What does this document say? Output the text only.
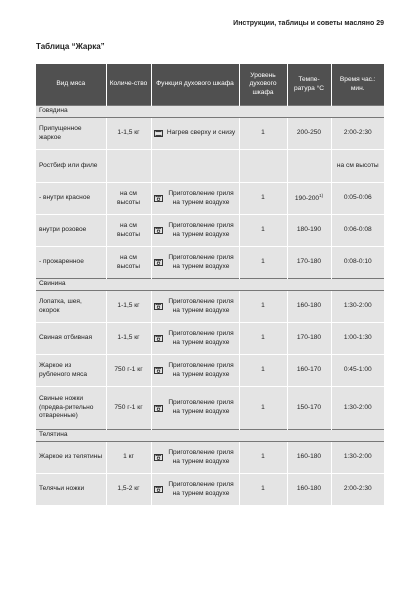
Инструкции, таблицы и советы масляно 29
Таблица “Жарка”
Вид мяса	Количе-ство	Функция духового шкафа	Уровень духового шкафа	Темпе-ратура °С	Время час.: мин.
Говядина					
Припущенное жаркое	1-1,5 кг	Нагрев сверху и снизу	1	200-250	2:00-2:30
Ростбиф или филе					на см высоты
- внутри красное	на см высоты	Приготовление гриля на турнем воздухе	1	190-200$^{1)}$	0:05-0:06
внутри розовое	на см высоты	Приготовление гриля на турнем воздухе	1	180-190	0:06-0:08
- прожаренное	на см высоты	Приготовление гриля на турнем воздухе	1	170-180	0:08-0:10
Свинина					
Лопатка, шея, окорок	1-1,5 кг	Приготовление гриля на турнем воздухе	1	160-180	1:30-2:00
Свиная отбивная	1-1,5 кг	Приготовление гриля на турнем воздухе	1	170-180	1:00-1:30
Жаркое из рубленого мяса	750 г-1 кг	Приготовление гриля на турнем воздухе	1	160-170	0:45-1:00
Свиные ножки (предва-рительно отваренные)	750 г-1 кг	Приготовление гриля на турнем воздухе	1	150-170	1:30-2:00
Телятина					
Жаркое из телятины	1 кг	Приготовление гриля на турнем воздухе	1	160-180	1:30-2:00
Телячьи ножки	1,5-2 кг	Приготовление гриля на турнем воздухе	1	160-180	2:00-2:30
